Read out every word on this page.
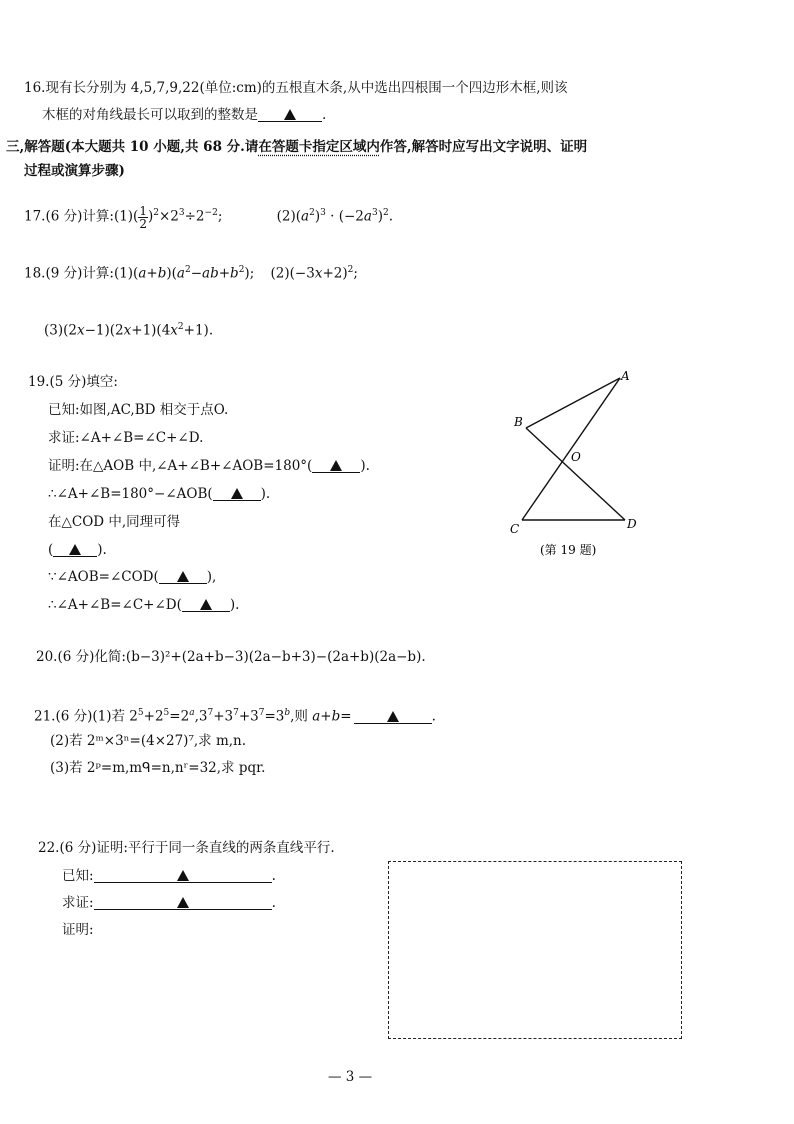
16.现有长分别为 4,5,7,9,22(单位:cm)的五根直木条,从中选出四根围一个四边形木框,则该
木框的对角线最长可以取到的整数是	.
三,解答题(本大题共 10 小题,共 68 分.请在答题卡指定区域内作答,解答时应写出文字说明、证明
过程或演算步骤)
17.(6 分)计算:(1)( $\frac{1}{2} )^2\times 2^3\div 2^{-2}$;	$(2)(a^2)^3 \cdot (-2a^3)^2$.
18.(9 分)计算$:(1)(a+b)(a^2-ab+b^2)$; $(2)(-3x+2)^2$;
$(3)(2x-1)(2x+1)(4x^2+1)$.
19.(5 分)填空:
已知:如图,AC,BD 相交于点O.
求证:∠A+∠B=∠C+∠D.
证明:在△AOB 中,∠A+∠B+∠AOB=180°(	).
∴∠A+∠B=180°−∠AOB(	).
在△COD 中,同理可得
(	).
∵∠AOB=∠COD(	),
∴∠A+∠B=∠C+∠D(	).
A
B
O
C	D
(第 19 题)
20.(6 分)化简:(b−3)²+(2a+b−3)(2a−b+3)−(2a+b)(2a−b).
21.(6 分)(1)若 $2^5+2^5=2^a,3^7+3^7+3^7=3^b$,则 a+b=	.
(2)若 2ᵐ×3ⁿ=(4×27)⁷,求 m,n.
(3)若 2ᵖ=m,mᑫ=n,nʳ=32,求 pqr.
22.(6 分)证明:平行于同一条直线的两条直线平行.
已知:	.
求证:	.
证明:
— 3 —
